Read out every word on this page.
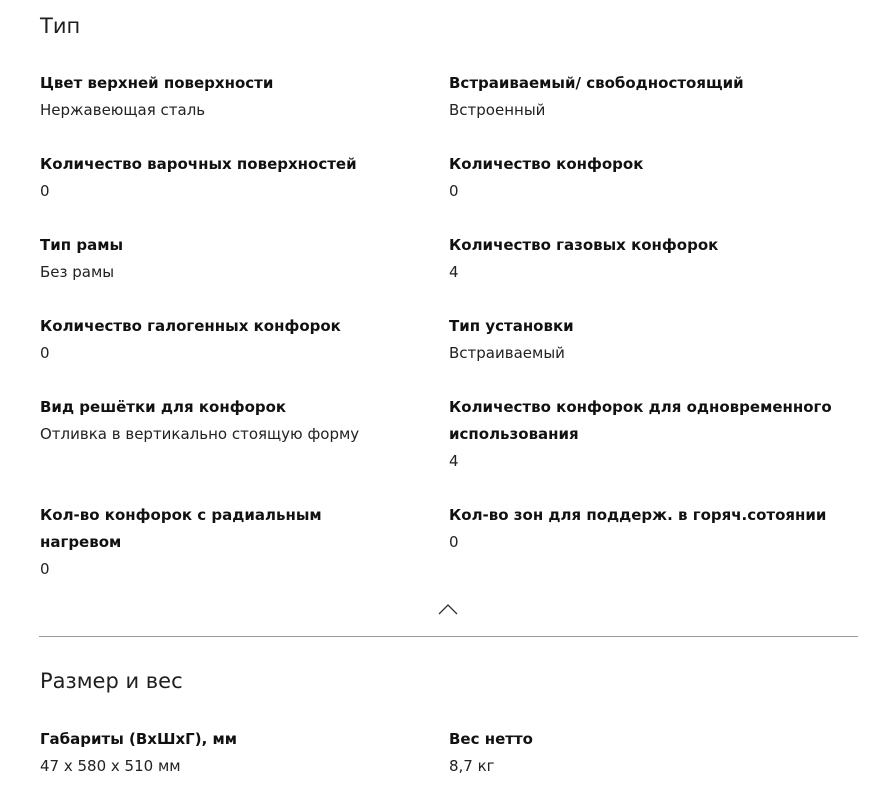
Тип
Цвет верхней поверхности
Нержавеющая сталь
Встраиваемый/ свободностоящий
Встроенный
Количество варочных поверхностей
0
Количество конфорок
0
Тип рамы
Без рамы
Количество газовых конфорок
4
Количество галогенных конфорок
0
Тип установки
Встраиваемый
Вид решётки для конфорок
Отливка в вертикально стоящую форму
Количество конфорок для одновременного использования
4
Кол-во конфорок с радиальным нагревом
0
Кол-во зон для поддерж. в горяч.сотоянии
0
Размер и вес
Габариты (ВхШхГ), мм
47 x 580 x 510 мм
Вес нетто
8,7 кг
